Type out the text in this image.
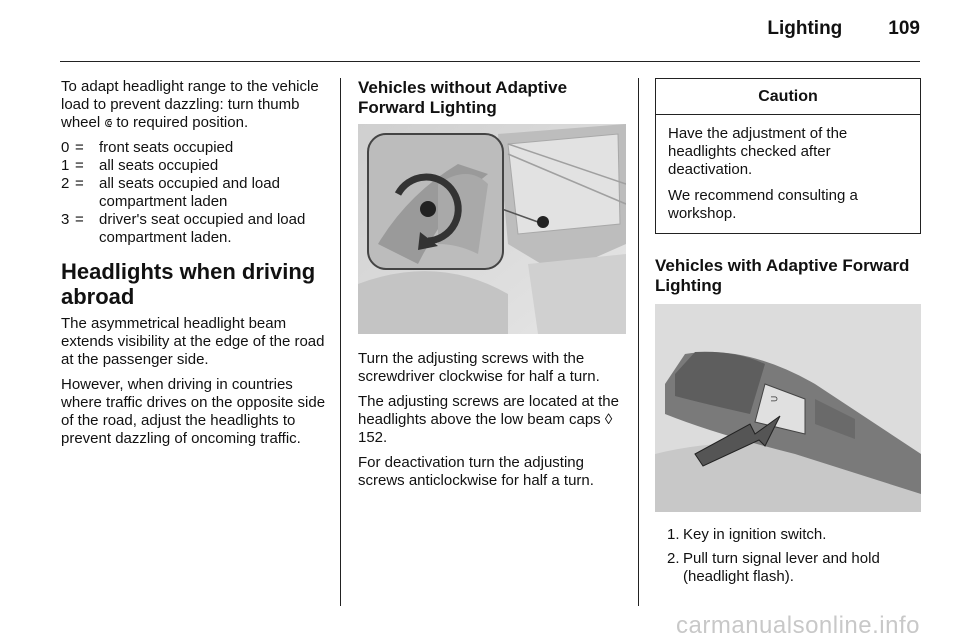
Lighting 109

To adapt headlight range to the vehicle load to prevent dazzling: turn thumb wheel ⟃ to required position.

0 =	front seats occupied
1 =	all seats occupied
2 =	all seats occupied and load compartment laden
3 =	driver's seat occupied and load compartment laden.
Headlights when driving abroad

The asymmetrical headlight beam extends visibility at the edge of the road at the passenger side.

However, when driving in countries where traffic drives on the opposite side of the road, adjust the headlights to prevent dazzling of oncoming traffic.

Vehicles without Adaptive Forward Lighting

Turn the adjusting screws with the screwdriver clockwise for half a turn.

The adjusting screws are located at the headlights above the low beam caps ◊ 152.

For deactivation turn the adjusting screws anticlockwise for half a turn.

Caution

Have the adjustment of the headlights checked after deactivation.

We recommend consulting a workshop.

Vehicles with Adaptive Forward Lighting
⊃
1. Key in ignition switch.
2. Pull turn signal lever and hold (headlight flash).
carmanualsonline.info
